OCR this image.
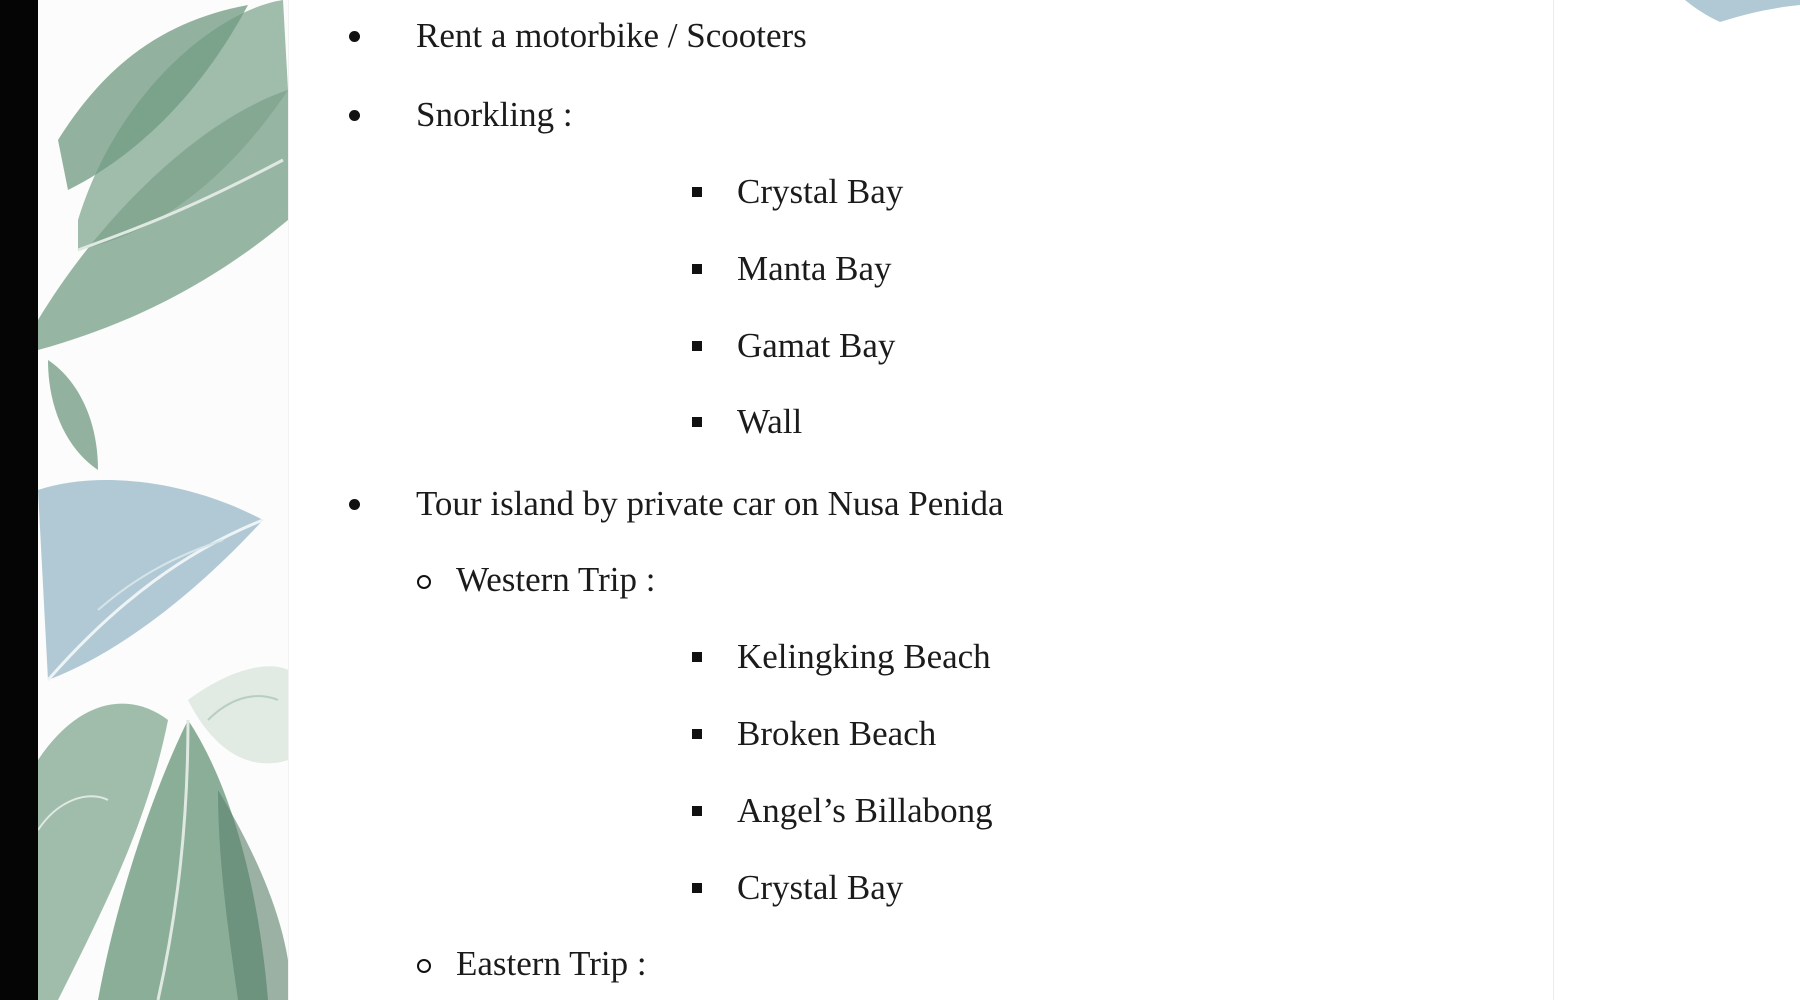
Rent a motorbike / Scooters
Snorkling :
Crystal Bay
Manta Bay
Gamat Bay
Wall
Tour island by private car on Nusa Penida
Western Trip :
Kelingking Beach
Broken Beach
Angel’s Billabong
Crystal Bay
Eastern Trip :
